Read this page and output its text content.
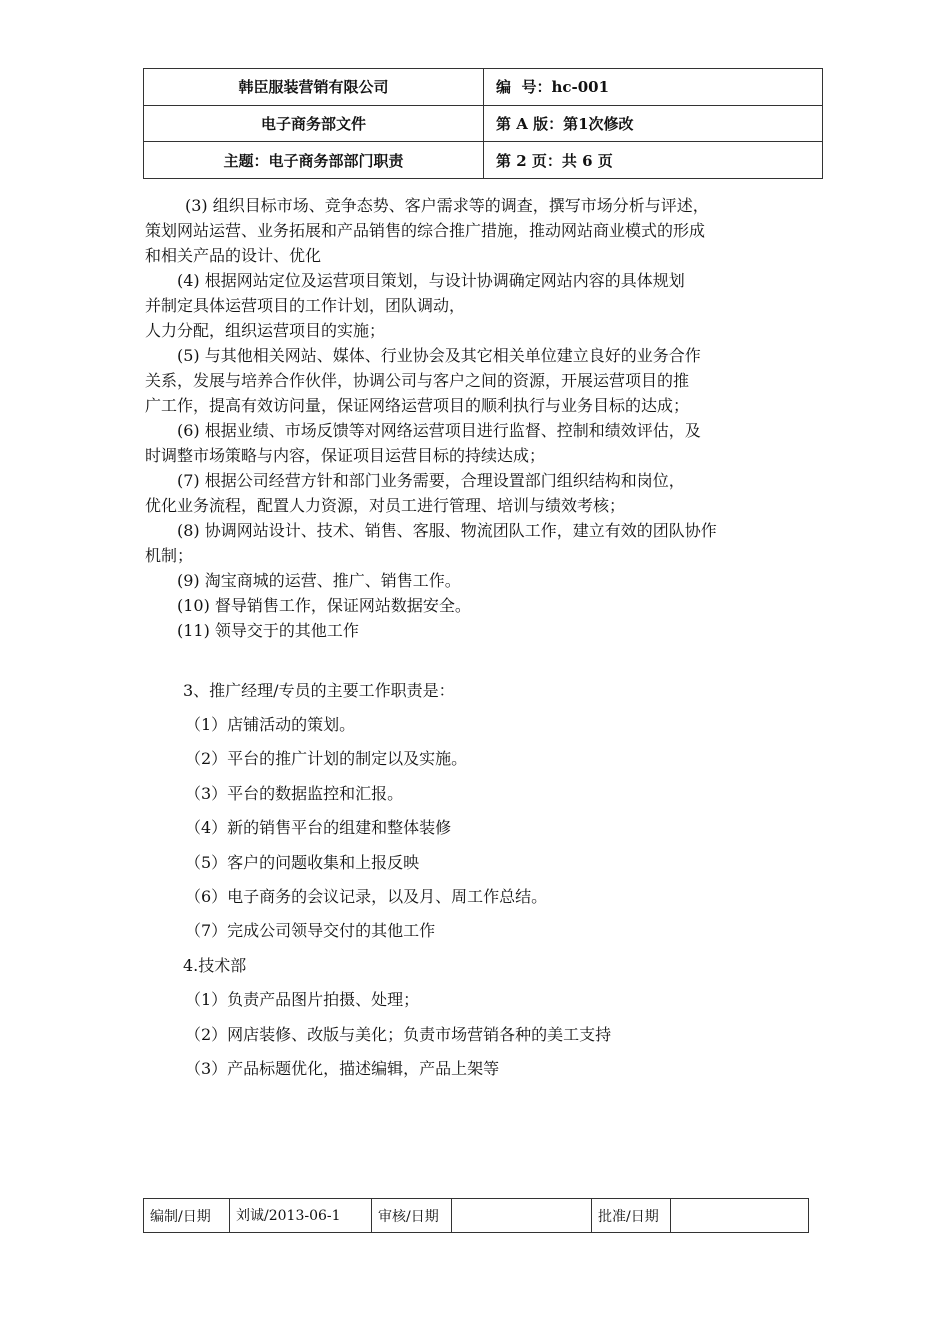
韩臣服装营销有限公司	编  号：hc-001
电子商务部文件	第 A 版：第1次修改
主题：电子商务部部门职责	第 2 页：共 6 页

(3) 组织目标市场、竞争态势、客户需求等的调查，撰写市场分析与评述，

策划网站运营、业务拓展和产品销售的综合推广措施，推动网站商业模式的形成

和相关产品的设计、优化

(4) 根据网站定位及运营项目策划，与设计协调确定网站内容的具体规划

并制定具体运营项目的工作计划，团队调动，

人力分配，组织运营项目的实施；

(5) 与其他相关网站、媒体、行业协会及其它相关单位建立良好的业务合作

关系，发展与培养合作伙伴，协调公司与客户之间的资源，开展运营项目的推

广工作，提高有效访问量，保证网络运营项目的顺利执行与业务目标的达成；

(6) 根据业绩、市场反馈等对网络运营项目进行监督、控制和绩效评估，及

时调整市场策略与内容，保证项目运营目标的持续达成；

(7) 根据公司经营方针和部门业务需要，合理设置部门组织结构和岗位，

优化业务流程，配置人力资源，对员工进行管理、培训与绩效考核；

(8) 协调网站设计、技术、销售、客服、物流团队工作，建立有效的团队协作

机制；

(9) 淘宝商城的运营、推广、销售工作。

(10) 督导销售工作，保证网站数据安全。

(11) 领导交于的其他工作

3、推广经理/专员的主要工作职责是：
（1）店铺活动的策划。
（2）平台的推广计划的制定以及实施。
（3）平台的数据监控和汇报。
（4）新的销售平台的组建和整体装修
（5）客户的问题收集和上报反映
（6）电子商务的会议记录，以及月、周工作总结。
（7）完成公司领导交付的其他工作
4.技术部
（1）负责产品图片拍摄、处理；
（2）网店装修、改版与美化；负责市场营销各种的美工支持
（3）产品标题优化，描述编辑，产品上架等
编制/日期	刘诚/2013-06-1	审核/日期		批准/日期	
